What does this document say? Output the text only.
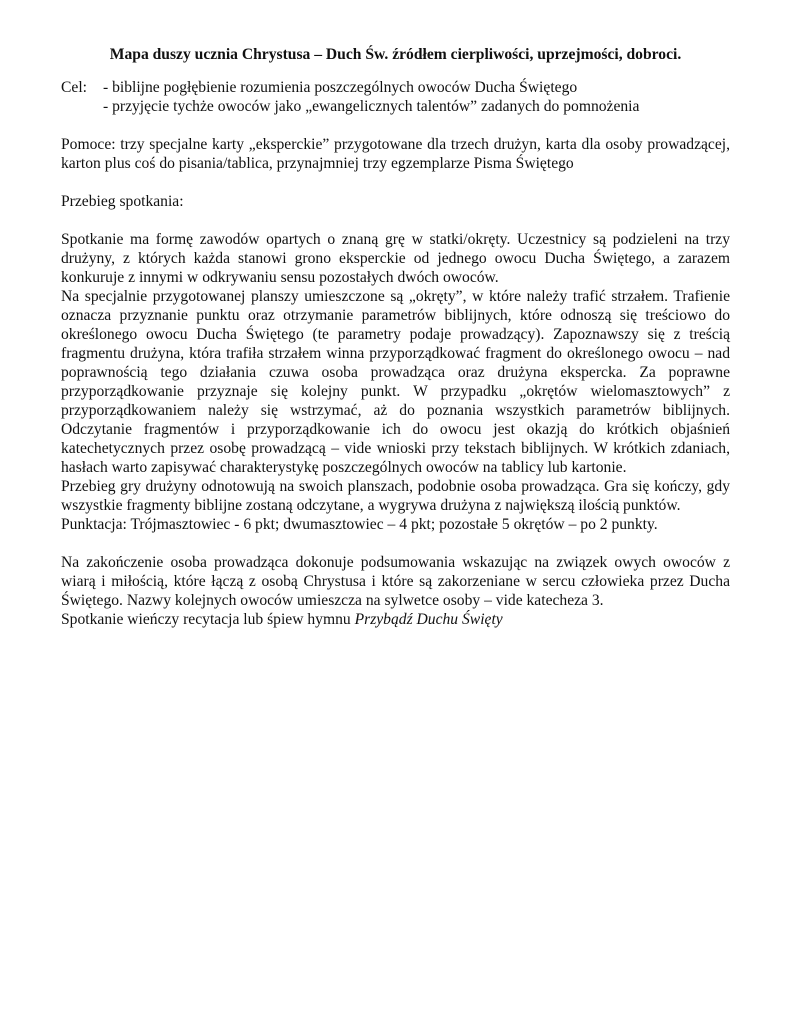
Mapa duszy ucznia Chrystusa – Duch Św. źródłem cierpliwości, uprzejmości, dobroci.
Cel:	- biblijne pogłębienie rozumienia poszczególnych owoców Ducha Świętego
- przyjęcie tychże owoców jako „ewangelicznych talentów” zadanych do pomnożenia

Pomoce: trzy specjalne karty „eksperckie” przygotowane dla trzech drużyn, karta dla osoby prowadzącej, karton plus coś do pisania/tablica, przynajmniej trzy egzemplarze Pisma Świętego

Przebieg spotkania:

Spotkanie ma formę zawodów opartych o znaną grę w statki/okręty. Uczestnicy są podzieleni na trzy drużyny, z których każda stanowi grono eksperckie od jednego owocu Ducha Świętego, a zarazem konkuruje z innymi w odkrywaniu sensu pozostałych dwóch owoców.

Na specjalnie przygotowanej planszy umieszczone są „okręty”, w które należy trafić strzałem. Trafienie oznacza przyznanie punktu oraz otrzymanie parametrów biblijnych, które odnoszą się treściowo do określonego owocu Ducha Świętego (te parametry podaje prowadzący). Zapoznawszy się z treścią fragmentu drużyna, która trafiła strzałem winna przyporządkować fragment do określonego owocu – nad poprawnością tego działania czuwa osoba prowadząca oraz drużyna ekspercka. Za poprawne przyporządkowanie przyznaje się kolejny punkt. W przypadku „okrętów wielomasztowych” z przyporządkowaniem należy się wstrzymać, aż do poznania wszystkich parametrów biblijnych. Odczytanie fragmentów i przyporządkowanie ich do owocu jest okazją do krótkich objaśnień katechetycznych przez osobę prowadzącą – vide wnioski przy tekstach biblijnych. W krótkich zdaniach, hasłach warto zapisywać charakterystykę poszczególnych owoców na tablicy lub kartonie.

Przebieg gry drużyny odnotowują na swoich planszach, podobnie osoba prowadząca. Gra się kończy, gdy wszystkie fragmenty biblijne zostaną odczytane, a wygrywa drużyna z największą ilością punktów.

Punktacja: Trójmasztowiec - 6 pkt; dwumasztowiec – 4 pkt; pozostałe 5 okrętów – po 2 punkty.

Na zakończenie osoba prowadząca dokonuje podsumowania wskazując na związek owych owoców z wiarą i miłością, które łączą z osobą Chrystusa i które są zakorzeniane w sercu człowieka przez Ducha Świętego. Nazwy kolejnych owoców umieszcza na sylwetce osoby – vide katecheza 3.

Spotkanie wieńczy recytacja lub śpiew hymnu Przybądź Duchu Święty
